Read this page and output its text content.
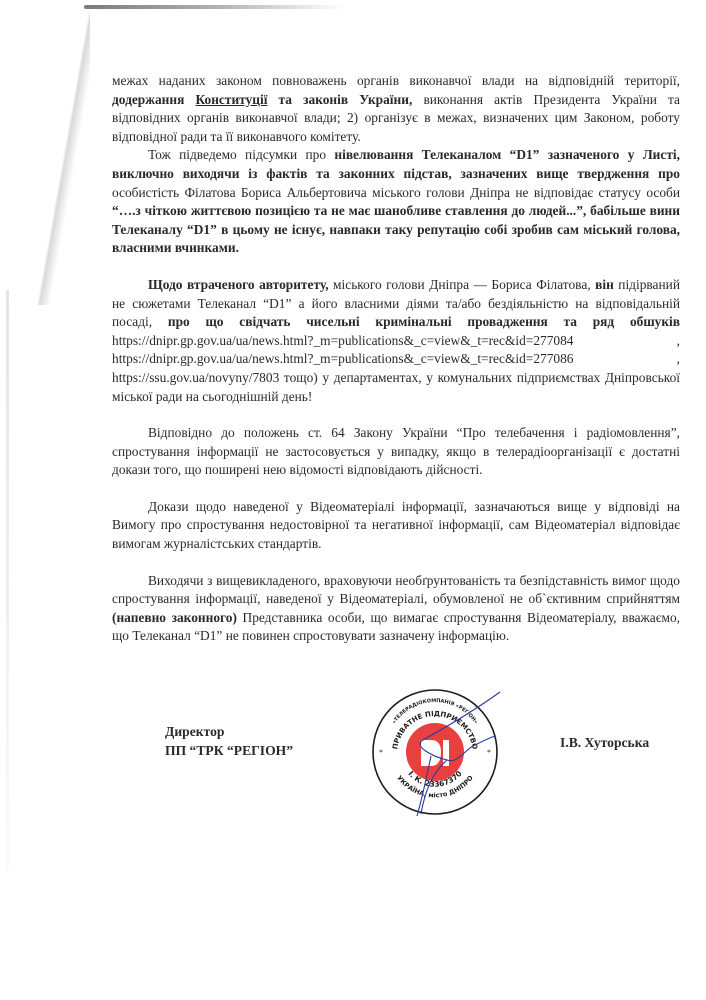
межах наданих законом повноважень органів виконавчої влади на відповідній території, додержання Конституції та законів України, виконання актів Президента України та відповідних органів виконавчої влади; 2) організує в межах, визначених цим Законом, роботу відповідної ради та її виконавчого комітету.

Тож підведемо підсумки про нівелювання Телеканалом “D1” зазначеного у Листі, виключно виходячи із фактів та законних підстав, зазначених вище твердження про особистість Філатова Бориса Альбертовича міського голови Дніпра не відповідає статусу особи “….з чіткою життєвою позицією та не має шанобливе ставлення до людей...”, бабільше вини Телеканалу “D1” в цьому не існує, навпаки таку репутацію собі зробив сам міський голова, власними вчинками.

Щодо втраченого авторитету, міського голови Дніпра — Бориса Філатова, він підірваний не сюжетами Телеканал “D1” а його власними діями та/або бездіяльністю на відповідальній посаді, про що свідчать чисельні кримінальні провадження та ряд обшуків https://dnipr.gp.gov.ua/ua/news.html?_m=publications&_c=view&_t=rec&id=277084 , https://dnipr.gp.gov.ua/ua/news.html?_m=publications&_c=view&_t=rec&id=277086 , https://ssu.gov.ua/novyny/7803 тощо) у департаментах, у комунальних підприємствах Дніпровської міської ради на сьогоднішній день!

Відповідно до положень ст. 64 Закону України “Про телебачення і радіомовлення”, спростування інформації не застосовується у випадку, якщо в телерадіоорганізації є достатні докази того, що поширені нею відомості відповідають дійсності.

Докази щодо наведеної у Відеоматеріалі інформації, зазначаються вище у відповіді на Вимогу про спростування недостовірної та негативної інформації, сам Відеоматеріал відповідає вимогам журналістських стандартів.

Виходячи з вищевикладеного, враховуючи необґрунтованість та безпідставність вимог щодо спростування інформації, наведеної у Відеоматеріалі, обумовленої не об`єктивним сприйняттям (напевно законного) Представника особи, що вимагає спростування Відеоматеріалу, вважаємо, що Телеканал “D1” не повинен спростовувати зазначену інформацію.

Директор
ПП “ТРК “РЕГІОН”
«ТЕЛЕРАДІОКОМПАНІЯ «РЕГІОН»
ПРИВАТНЕ ПІДПРИЄМСТВО
І. К. 23367370
УКРАЇНА, місто ДНІПРО
*	*
І.В. Хуторська
